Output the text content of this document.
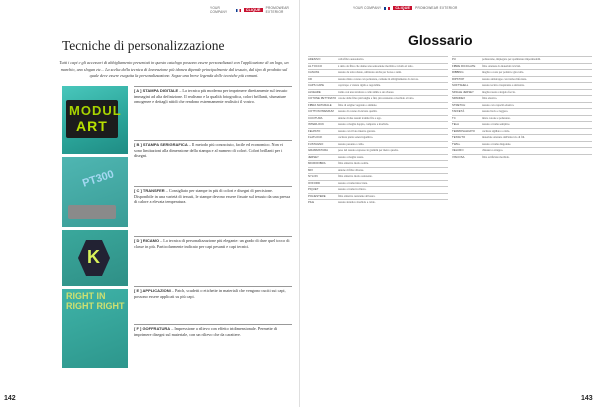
YOUR COMPANY	CLIQUE	PROMOWEAR EXTERIOR
Tecniche di personalizzazione
Tutti i capi e gli accessori di abbigliamento presentati in questo catalogo possono essere personalizzati con l'applicazione di un logo, un marchio, uno slogan etc... La scelta della tecnica di lavorazione più idonea dipende principalmente dal tessuto, dal tipo di prodotto sul quale deve essere eseguita la personalizzazione. Segue una breve legenda delle tecniche più comuni.
MODUL
ART
PT300
K
RIGHT IN RIGHT RIGHT
[ A ] STAMPA DIGITALE – La tecnica più moderna per imprimere direttamente sul tessuto immagini ad alta definizione. Il realismo e la qualità fotografica, colori brillanti, sfumature omogenee e dettagli nitidi che rendono estremamente realistici il vostro.
[ B ] STAMPA SERIGRAFICA – Il metodo più conosciuto, facile ed economico. Non vi sono limitazioni alla dimensione della stampa e al numero di colori. Colori brillanti per i disegni.
[ C ] TRANSFER – Consigliato per stampe in più di colori e disegni di precisione. Disponibile in una varietà di tessuti, le stampe devono essere fissate sul tessuto da una pressa di calore a elevata temperatura.
[ D ] RICAMO – La tecnica di personalizzazione più elegante: un grado di dare quel tocco di classe in più. Particolarmente indicato per capi pesanti e capi tecnici.
[ E ] APPLICAZIONI – Patch, scudetti o etichette in materiali che vengono cuciti sui capi, possono essere applicati su più capi.
[ F ] GOFFRATURA – Impressione a rilievo con effetto tridimensionale. Permette di imprimere disegni sul materiale, con un rilievo che da carattere.
142
YOUR COMPANY	CLIQUE	PROMOWEAR EXTERIOR
Glossario
ADESIVO	colla/fibra autoadesiva.
AL TOCCO	è detto da fibre che danno una sensazione morbida e ruvida al tatto.
CANVAS	tessuto da tela robusto, utilizzato anche per borse e zaini.
CD	tessuto misto cotone con poliestere, comune in abbigliamento da lavoro.
CAPS CAPE	copricapo a visiera rigida e regolabile.
ALVEARE	trama con una struttura a celle simile a un alveare.
COTONE PETTINATO cotone dalle fibre più lunghe e fini, più resistente e morbido al tatto.
FIBRA NATURALE	fibre di origine vegetale o animale.
COTTON PREMIUM	tessuto di cotone di elevata qualità.
CUCITURA	unione di due tessuti tramite filo e ago.
INTERLOCK	tessuto a maglia doppia, compatto e morbido.
FELPATO	tessuto con il lato interno garzato.
FLATLOCK	cucitura piatta senza ingombro.
FUSTAGNO	tessuto pesante e caldo.
GRAMMATURA	peso del tessuto espresso in grammi per metro quadro.
JERSEY	tessuto a maglia rasata.
MICROFIBRA	fibra sintetica molto sottile.
MIX	unione di fibre diverse.
NYLON	fibra sintetica molto resistente.
OXFORD	tessuto a trama intrecciata.
PIQUET	tessuto a trama in rilievo.
POLIESTERE	fibra sintetica resistente all'usura.
PILE	tessuto sintetico morbido e caldo.
PU	poliuretano, impiegato per spalmature impermeabili.
FIBRE RICICLATE	fibre ottenute da materiali riciclati.
RIBBING	maglia a coste per polsini e girocollo.
RIPSTOP	tessuto antistrappo con trama rinforzata.
SOFTSHELL	tessuto tecnico traspirante e antivento.
SINGLE JERSEY	maglia rasata a singola faccia.
SPANDEX	fibra elastica.
STRETCH	tessuto con capacità elastica.
TAFFETÀ	tessuto liscio e leggero.
TC	misto cotone e poliestere.
TELA	tessuto a trama semplice.
TERMOSALDATO	cucitura sigillata a caldo.
TESSUTO	materiale ottenuto dall'intreccio di fili.
TWILL	tessuto a trama diagonale.
VELCRO	chiusura a strappo.
VISCOSA	fibra artificiale morbida.
143
